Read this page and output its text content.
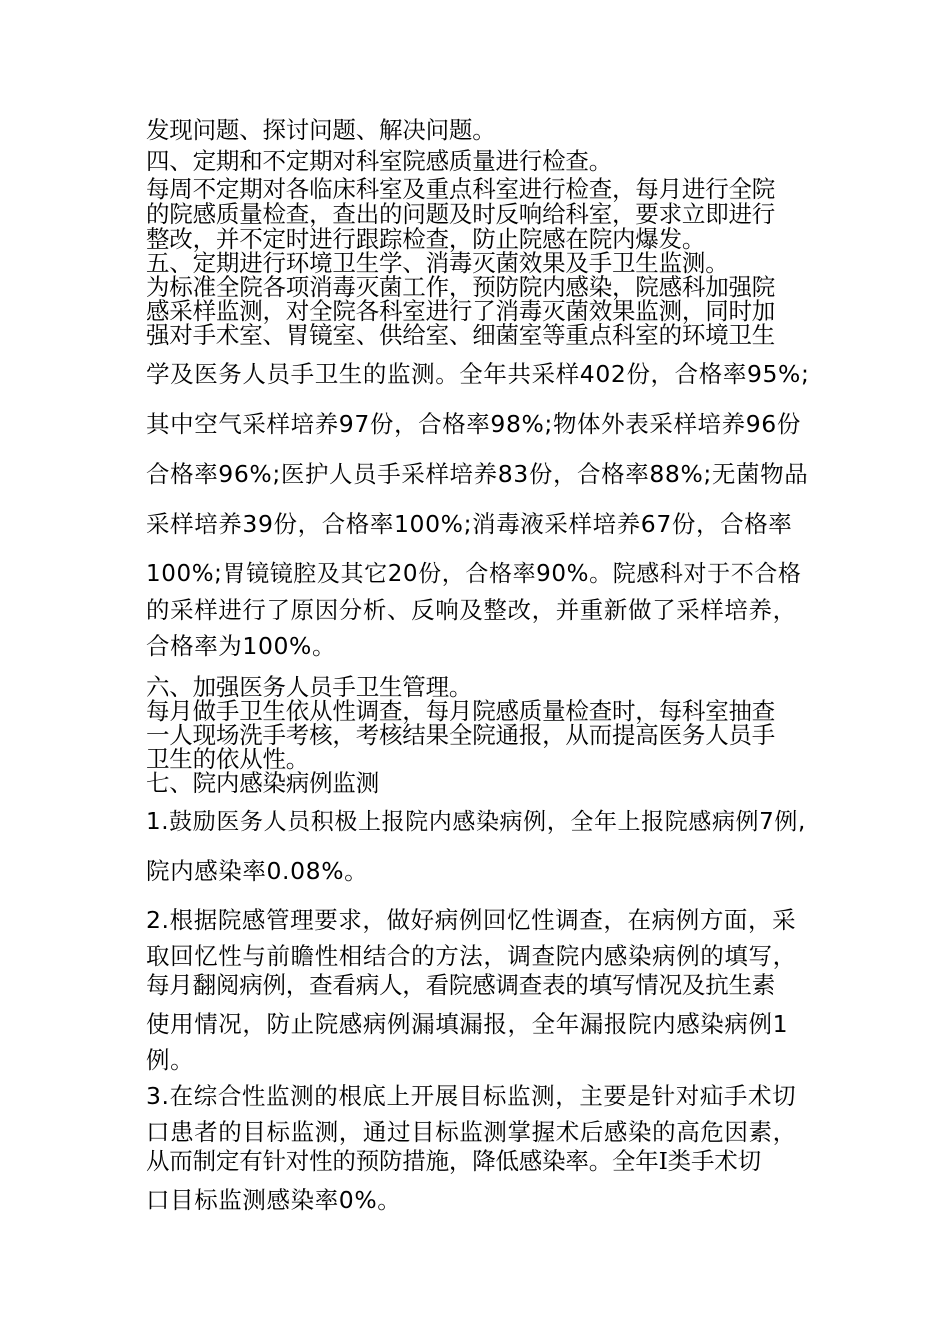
发现问题、探讨问题、解决问题。
四、定期和不定期对科室院感质量进行检查。
每周不定期对各临床科室及重点科室进行检查，每月进行全院
的院感质量检查，查出的问题及时反响给科室，要求立即进行
整改，并不定时进行跟踪检查，防止院感在院内爆发。
五、定期进行环境卫生学、消毒灭菌效果及手卫生监测。
为标准全院各项消毒灭菌工作，预防院内感染，院感科加强院
感采样监测，对全院各科室进行了消毒灭菌效果监测，同时加
强对手术室、胃镜室、供给室、细菌室等重点科室的环境卫生
学及医务人员手卫生的监测。全年共采样402份，合格率95%;
其中空气采样培养97份，合格率98%;物体外表采样培养96份
合格率96%;医护人员手采样培养83份，合格率88%;无菌物品
采样培养39份，合格率100%;消毒液采样培养67份，合格率
100%;胃镜镜腔及其它20份，合格率90%。院感科对于不合格
的采样进行了原因分析、反响及整改，并重新做了采样培养，
合格率为100%。
六、加强医务人员手卫生管理。
每月做手卫生依从性调查，每月院感质量检查时，每科室抽查
一人现场洗手考核，考核结果全院通报，从而提高医务人员手
卫生的依从性。
七、院内感染病例监测
1.鼓励医务人员积极上报院内感染病例，全年上报院感病例7例,
院内感染率0.08%。
2.根据院感管理要求，做好病例回忆性调查，在病例方面，采
取回忆性与前瞻性相结合的方法，调查院内感染病例的填写，
每月翻阅病例，查看病人，看院感调查表的填写情况及抗生素
使用情况，防止院感病例漏填漏报，全年漏报院内感染病例1
例。
3.在综合性监测的根底上开展目标监测，主要是针对疝手术切
口患者的目标监测，通过目标监测掌握术后感染的高危因素，
从而制定有针对性的预防措施，降低感染率。全年Ⅰ类手术切
口目标监测感染率0%。
